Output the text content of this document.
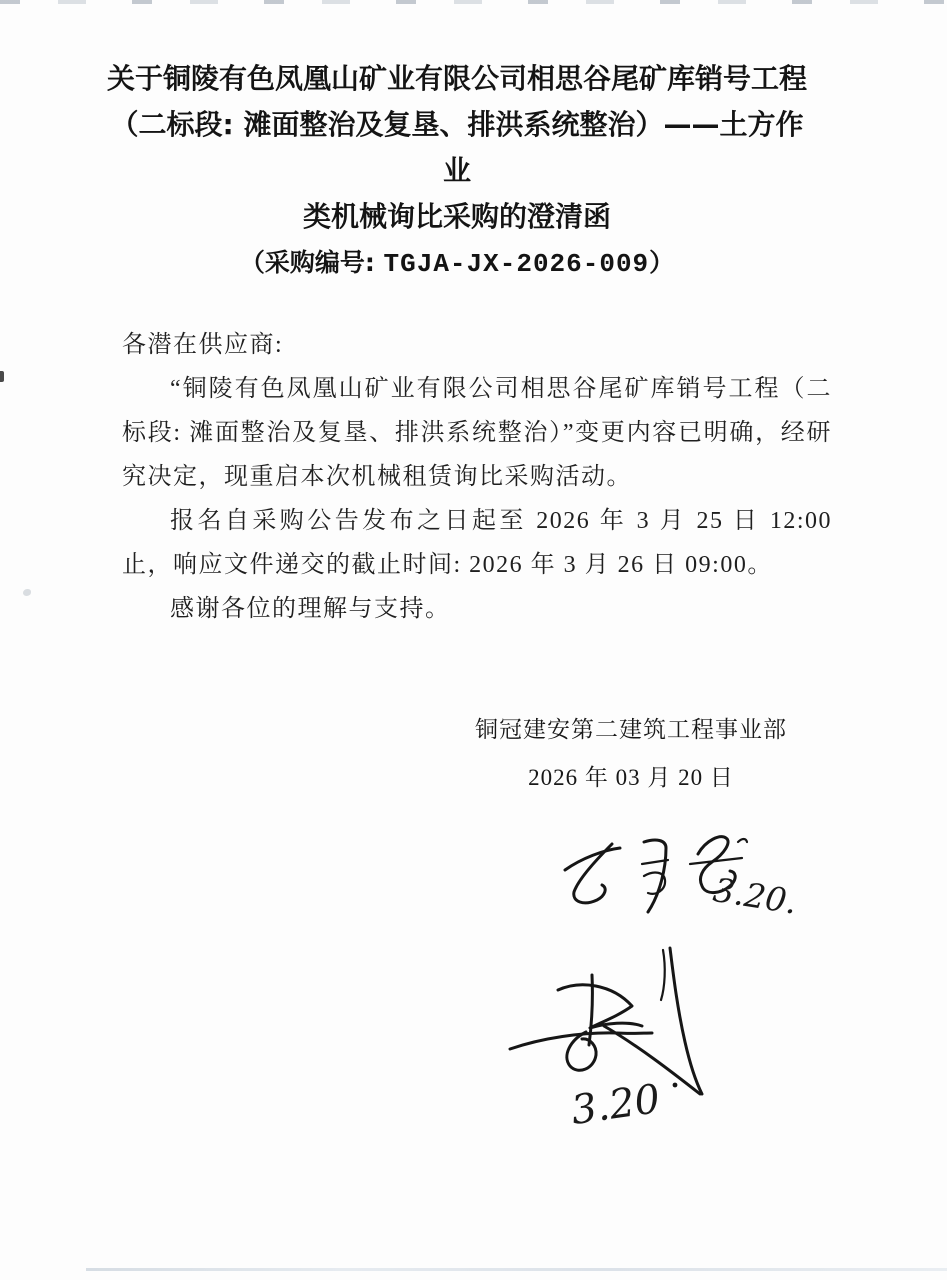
关于铜陵有色凤凰山矿业有限公司相思谷尾矿库销号工程
（二标段: 滩面整治及复垦、排洪系统整治）——土方作业
类机械询比采购的澄清函
（采购编号: TGJA-JX-2026-009）

各潜在供应商:

“铜陵有色凤凰山矿业有限公司相思谷尾矿库销号工程（二标段: 滩面整治及复垦、排洪系统整治）”变更内容已明确，经研究决定，现重启本次机械租赁询比采购活动。

报名自采购公告发布之日起至 2026 年 3 月 25 日 12:00 止，响应文件递交的截止时间: 2026 年 3 月 26 日 09:00。

感谢各位的理解与支持。

铜冠建安第二建筑工程事业部
2026 年 03 月 20 日
3.20.
3.20
